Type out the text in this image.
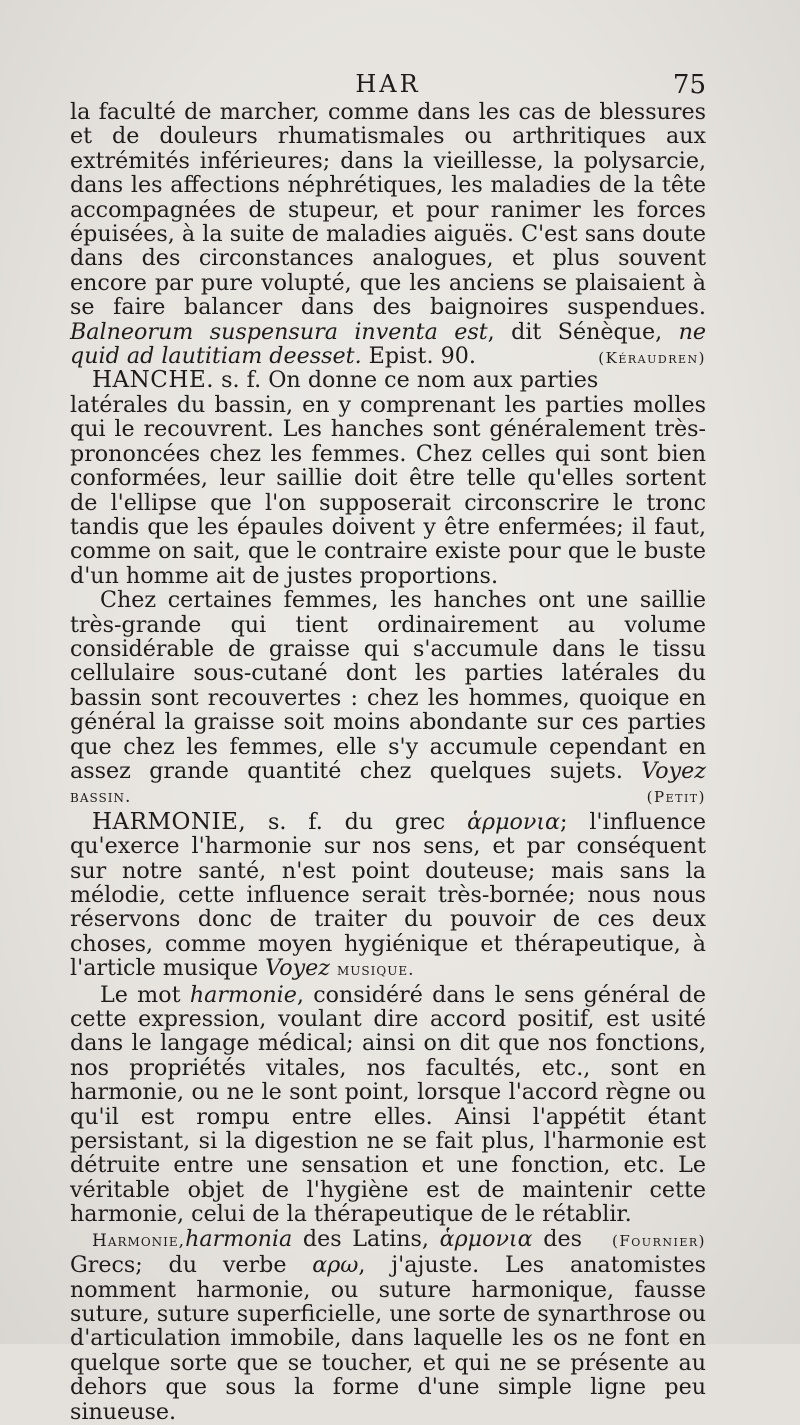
HAR	75

la faculté de marcher, comme dans les cas de blessures et de douleurs rhumatismales ou arthritiques aux extrémités inférieures; dans la vieillesse, la polysarcie, dans les affections néphrétiques, les maladies de la tête accompagnées de stupeur, et pour ranimer les forces épuisées, à la suite de maladies aiguës. C'est sans doute dans des circonstances analogues, et plus souvent encore par pure volupté, que les anciens se plaisaient à se faire balancer dans des baignoires suspendues. Balneorum suspensura inventa est, dit Sénèque, ne quid ad lautitiam deesset. Epist. 90.	(Kéraudren)

HANCHE. s. f. On donne ce nom aux parties latérales du bassin, en y comprenant les parties molles qui le recouvrent. Les hanches sont généralement très-prononcées chez les femmes. Chez celles qui sont bien conformées, leur saillie doit être telle qu'elles sortent de l'ellipse que l'on supposerait circonscrire le tronc tandis que les épaules doivent y être enfermées; il faut, comme on sait, que le contraire existe pour que le buste d'un homme ait de justes proportions.

Chez certaines femmes, les hanches ont une saillie très-grande qui tient ordinairement au volume considérable de graisse qui s'accumule dans le tissu cellulaire sous-cutané dont les parties latérales du bassin sont recouvertes : chez les hommes, quoique en général la graisse soit moins abondante sur ces parties que chez les femmes, elle s'y accumule cependant en assez grande quantité chez quelques sujets. Voyez bassin.	(Petit)

HARMONIE, s. f. du grec ἁρμονια; l'influence qu'exerce l'harmonie sur nos sens, et par conséquent sur notre santé, n'est point douteuse; mais sans la mélodie, cette influence serait très-bornée; nous nous réservons donc de traiter du pouvoir de ces deux choses, comme moyen hygiénique et thérapeutique, à l'article musique Voyez musique.

Le mot harmonie, considéré dans le sens général de cette expression, voulant dire accord positif, est usité dans le langage médical; ainsi on dit que nos fonctions, nos propriétés vitales, nos facultés, etc., sont en harmonie, ou ne le sont point, lorsque l'accord règne ou qu'il est rompu entre elles. Ainsi l'appétit étant persistant, si la digestion ne se fait plus, l'harmonie est détruite entre une sensation et une fonction, etc. Le véritable objet de l'hygiène est de maintenir cette harmonie, celui de la thérapeutique de le rétablir.
(Fournier)

Harmonie,harmonia des Latins, ἁρμονια des Grecs; du verbe αρω, j'ajuste. Les anatomistes nomment harmonie, ou suture harmonique, fausse suture, suture superficielle, une sorte de synarthrose ou d'articulation immobile, dans laquelle les os ne font en quelque sorte que se toucher, et qui ne se présente au dehors que sous la forme d'une simple ligne peu sinueuse.
